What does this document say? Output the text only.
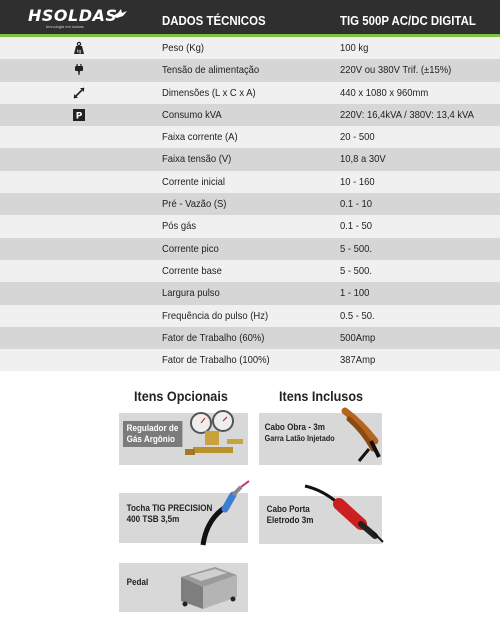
HSOLDAS
tecnologia em soldas	DADOS TÉCNICOS	TIG 500P AC/DC DIGITAL
kg	Peso (Kg)	100 kg
Tensão de alimentação	220V ou 380V Trif. (±15%)
Dimensões (L x C x A)	440 x 1080 x 960mm
P	Consumo kVA	220V: 16,4kVA / 380V: 13,4 kVA
Faixa corrente (A)	20 - 500
Faixa tensão (V)	10,8 a 30V
Corrente inicial	10 - 160
Pré - Vazão (S)	0.1 - 10
Pós gás	0.1 - 50
Corrente pico	5 - 500.
Corrente base	5 - 500.
Largura pulso	1 - 100
Frequência do pulso (Hz)	0.5 - 50.
Fator de Trabalho (60%)	500Amp
Fator de Trabalho (100%)	387Amp
Itens Opcionais	Itens Inclusos
Regulador de
Gás Argônio
Cabo Obra - 3m
Garra Latão Injetado
Tocha TIG PRECISION
400 TSB 3,5m
Cabo Porta
Eletrodo 3m
Pedal
